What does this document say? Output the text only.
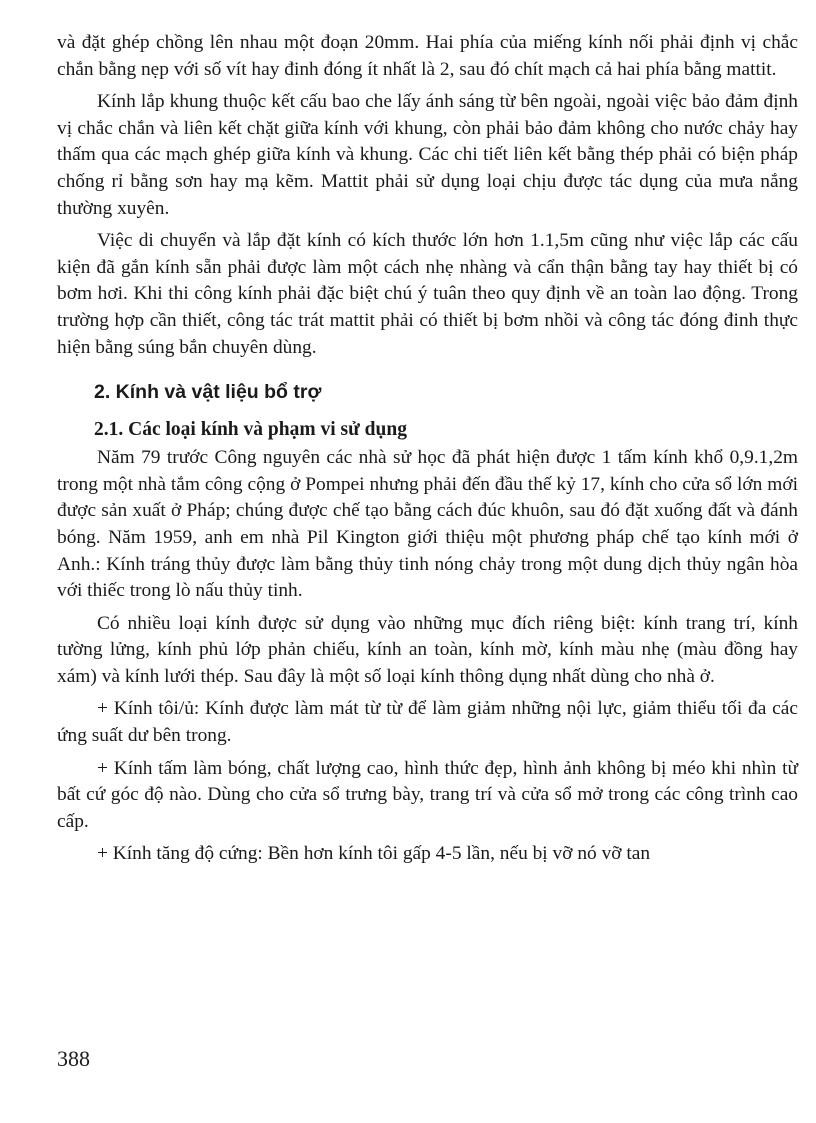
và đặt ghép chồng lên nhau một đoạn 20mm. Hai phía của miếng kính nối phải định vị chắc chắn bằng nẹp với số vít hay đinh đóng ít nhất là 2, sau đó chít mạch cả hai phía bằng mattit.

Kính lắp khung thuộc kết cấu bao che lấy ánh sáng từ bên ngoài, ngoài việc bảo đảm định vị chắc chắn và liên kết chặt giữa kính với khung, còn phải bảo đảm không cho nước chảy hay thấm qua các mạch ghép giữa kính và khung. Các chi tiết liên kết bằng thép phải có biện pháp chống rỉ bằng sơn hay mạ kẽm. Mattit phải sử dụng loại chịu được tác dụng của mưa nắng thường xuyên.

Việc di chuyển và lắp đặt kính có kích thước lớn hơn 1.1,5m cũng như việc lắp các cấu kiện đã gắn kính sẵn phải được làm một cách nhẹ nhàng và cẩn thận bằng tay hay thiết bị có bơm hơi. Khi thi công kính phải đặc biệt chú ý tuân theo quy định về an toàn lao động. Trong trường hợp cần thiết, công tác trát mattit phải có thiết bị bơm nhồi và công tác đóng đinh thực hiện bằng súng bắn chuyên dùng.

2. Kính và vật liệu bổ trợ
2.1. Các loại kính và phạm vi sử dụng

Năm 79 trước Công nguyên các nhà sử học đã phát hiện được 1 tấm kính khổ 0,9.1,2m trong một nhà tắm công cộng ở Pompei nhưng phải đến đầu thế kỷ 17, kính cho cửa sổ lớn mới được sản xuất ở Pháp; chúng được chế tạo bằng cách đúc khuôn, sau đó đặt xuống đất và đánh bóng. Năm 1959, anh em nhà Pil Kington giới thiệu một phương pháp chế tạo kính mới ở Anh.: Kính tráng thủy được làm bằng thủy tinh nóng chảy trong một dung dịch thủy ngân hòa với thiếc trong lò nấu thủy tinh.

Có nhiều loại kính được sử dụng vào những mục đích riêng biệt: kính trang trí, kính tường lửng, kính phủ lớp phản chiếu, kính an toàn, kính mờ, kính màu nhẹ (màu đồng hay xám) và kính lưới thép. Sau đây là một số loại kính thông dụng nhất dùng cho nhà ở.

+ Kính tôi/ủ: Kính được làm mát từ từ để làm giảm những nội lực, giảm thiểu tối đa các ứng suất dư bên trong.

+ Kính tấm làm bóng, chất lượng cao, hình thức đẹp, hình ảnh không bị méo khi nhìn từ bất cứ góc độ nào. Dùng cho cửa sổ trưng bày, trang trí và cửa sổ mở trong các công trình cao cấp.

+ Kính tăng độ cứng: Bền hơn kính tôi gấp 4-5 lần, nếu bị vỡ nó vỡ tan

388
